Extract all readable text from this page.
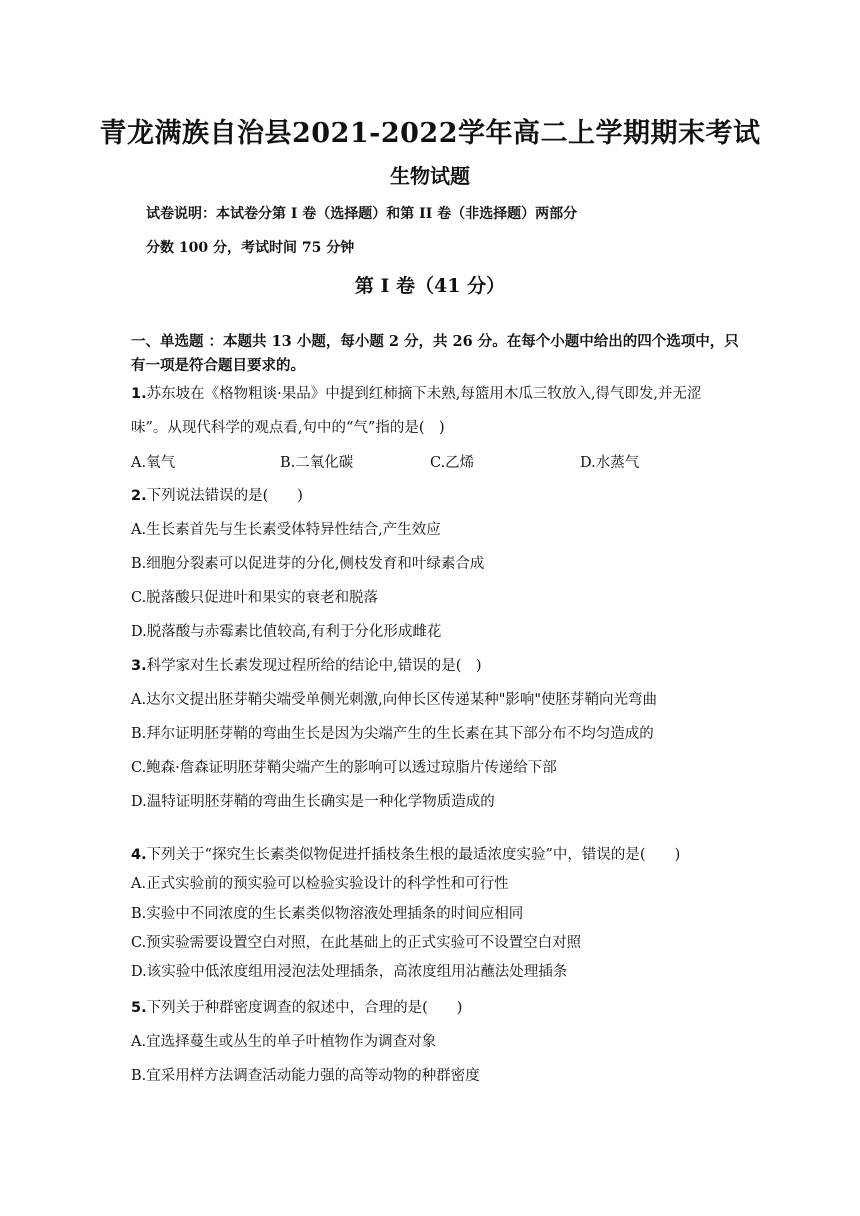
青龙满族自治县2021-2022学年高二上学期期末考试
生物试题
试卷说明：本试卷分第 I 卷（选择题）和第 II 卷（非选择题）两部分
分数 100 分，考试时间 75 分钟
第 I 卷（41 分）
一、单选题 ：本题共 13 小题，每小题 2 分，共 26 分。在每个小题中给出的四个选项中，只有一项是符合题目要求的。
1.苏东坡在《格物粗谈·果品》中提到红柿摘下未熟,每篮用木瓜三牧放入,得气即发,并无涩
味”。从现代科学的观点看,句中的“气”指的是(　)
A.氧气	B.二氧化碳	C.乙烯	D.水蒸气
2.下列说法错误的是(　　)
A.生长素首先与生长素受体特异性结合,产生效应
B.细胞分裂素可以促进芽的分化,侧枝发育和叶绿素合成
C.脱落酸只促进叶和果实的衰老和脱落
D.脱落酸与赤霉素比值较高,有利于分化形成雌花
3.科学家对生长素发现过程所给的结论中,错误的是(　)
A.达尔文提出胚芽鞘尖端受单侧光刺激,向伸长区传递某种"影响"使胚芽鞘向光弯曲
B.拜尔证明胚芽鞘的弯曲生长是因为尖端产生的生长素在其下部分布不均匀造成的
C.鲍森·詹森证明胚芽鞘尖端产生的影响可以透过琼脂片传递给下部
D.温特证明胚芽鞘的弯曲生长确实是一种化学物质造成的
4.下列关于“探究生长素类似物促进扦插枝条生根的最适浓度实验”中，错误的是(　　)
A.正式实验前的预实验可以检验实验设计的科学性和可行性
B.实验中不同浓度的生长素类似物溶液处理插条的时间应相同
C.预实验需要设置空白对照，在此基础上的正式实验可不设置空白对照
D.该实验中低浓度组用浸泡法处理插条，高浓度组用沾蘸法处理插条
5.下列关于种群密度调查的叙述中，合理的是(　　)
A.宜选择蔓生或丛生的单子叶植物作为调查对象
B.宜采用样方法调查活动能力强的高等动物的种群密度
